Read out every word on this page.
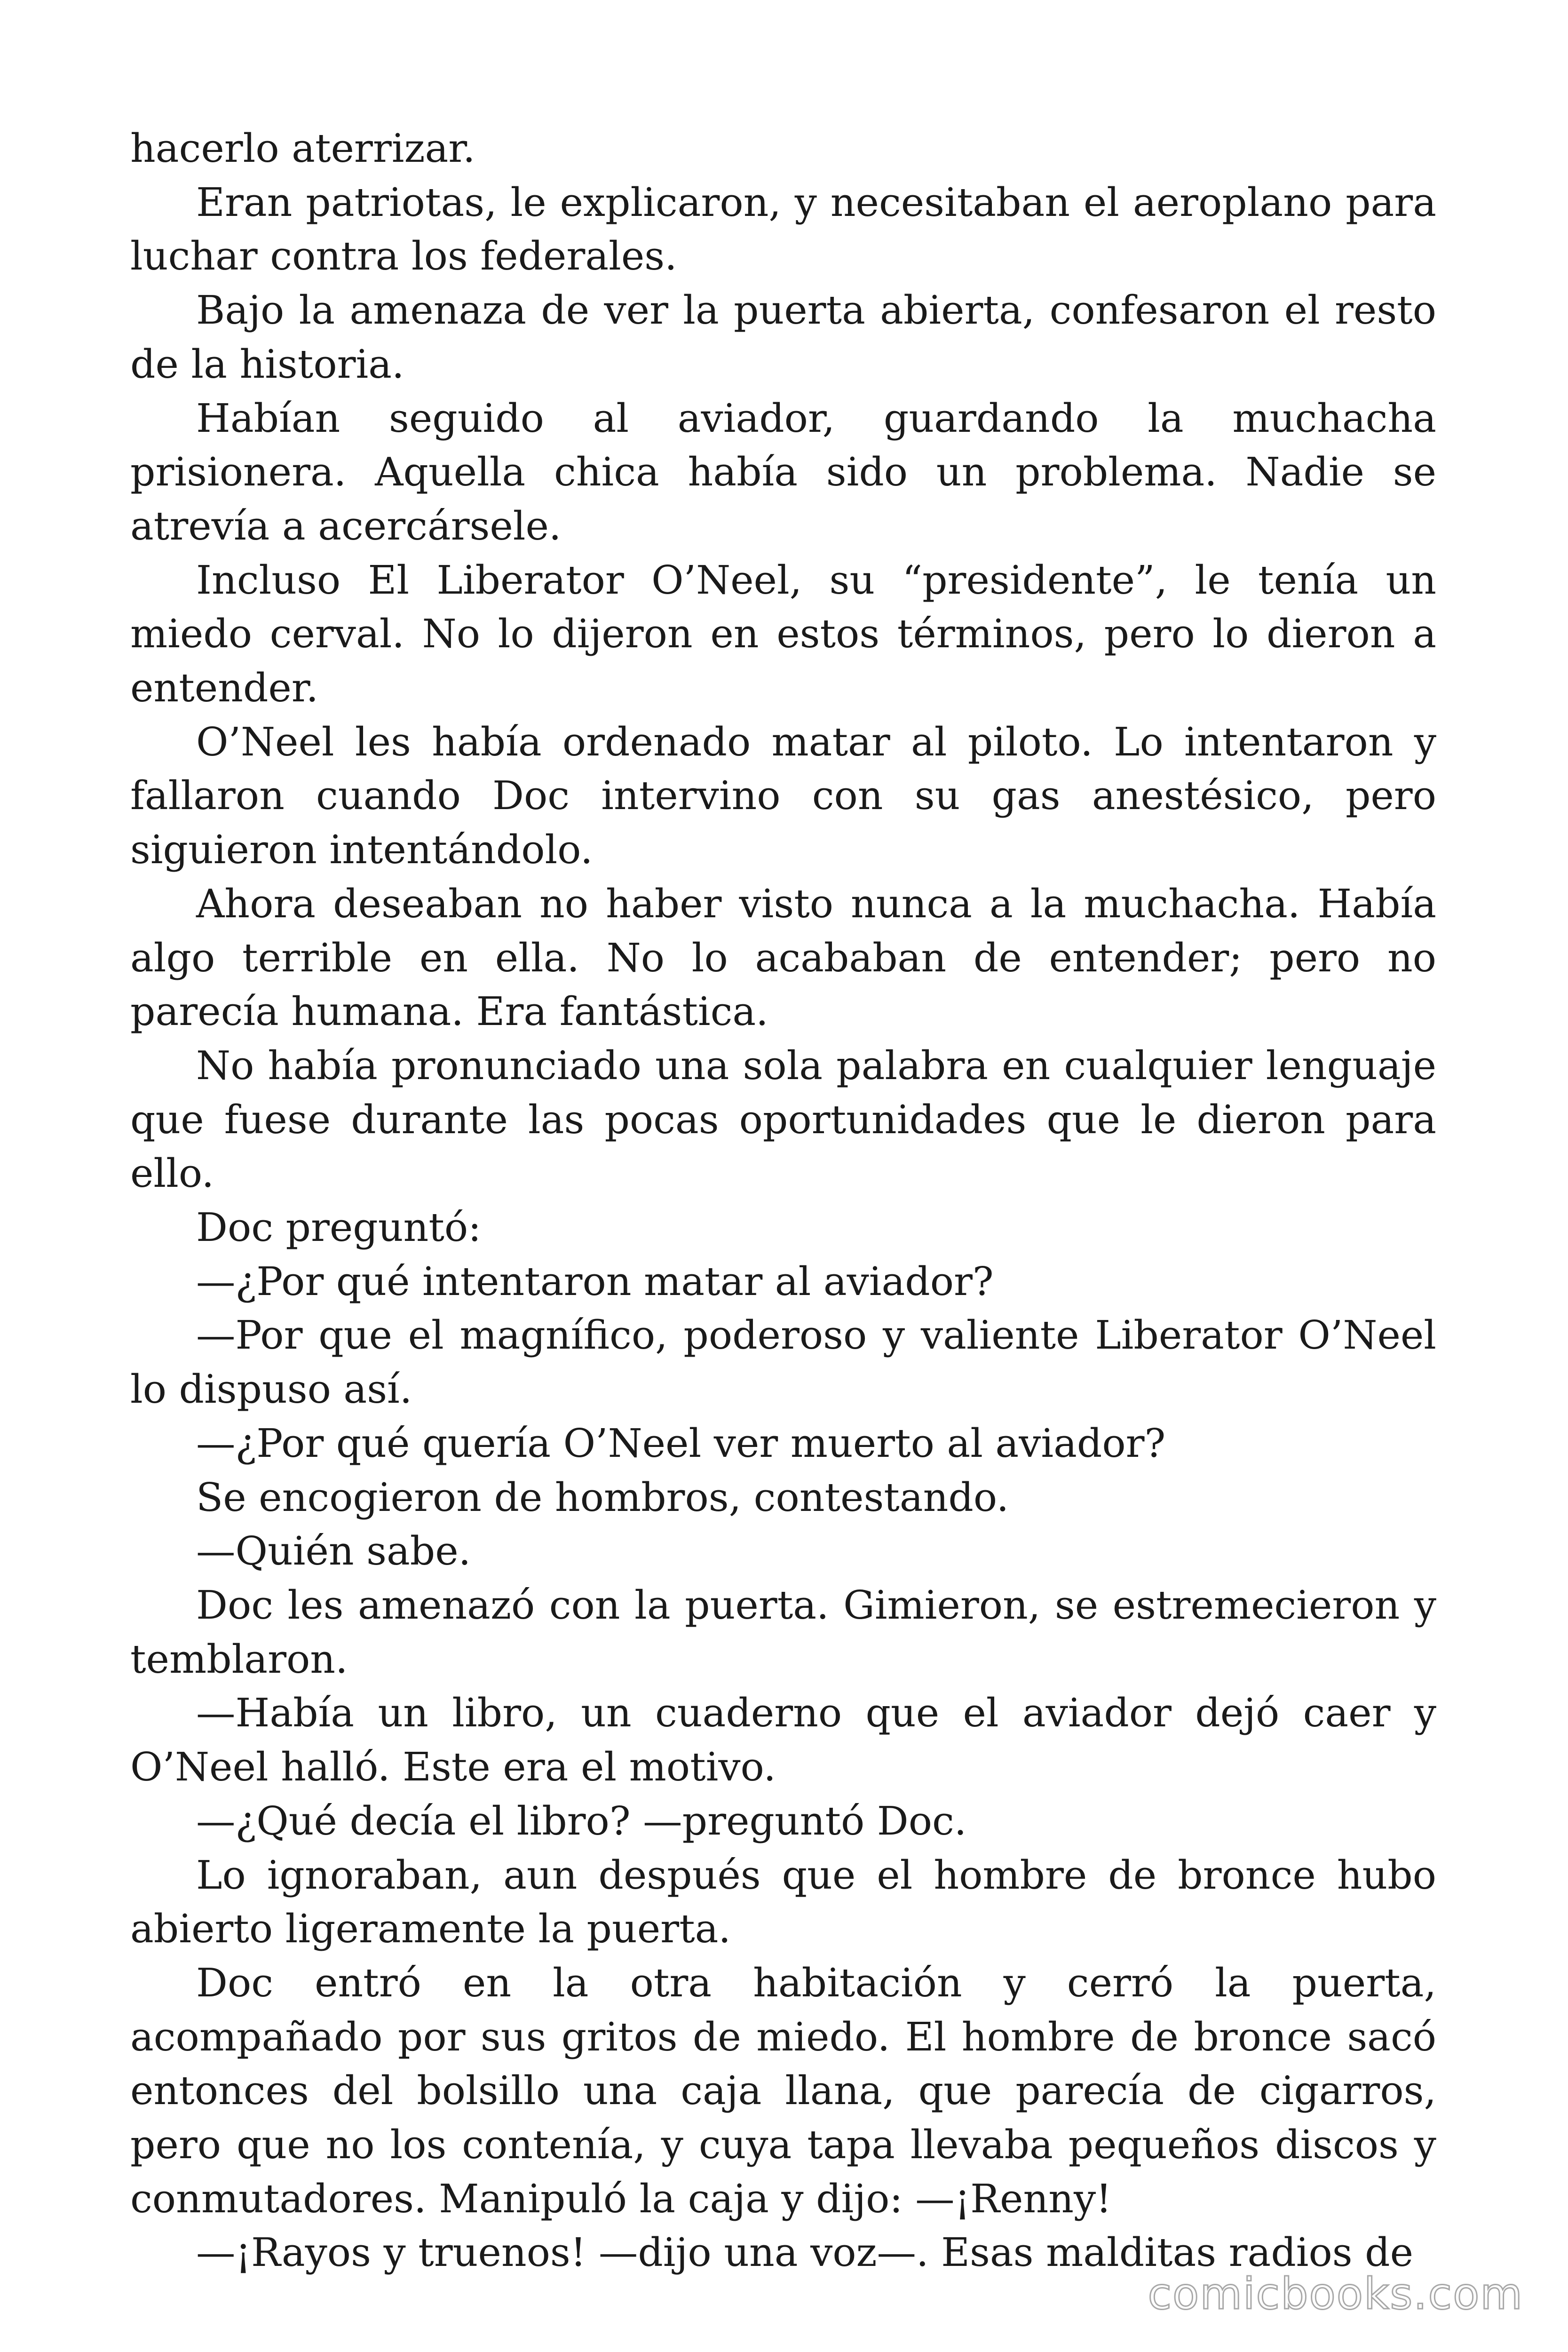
hacerlo aterrizar.

Eran patriotas, le explicaron, y necesitaban el aeroplano para luchar contra los federales.

Bajo la amenaza de ver la puerta abierta, confesaron el resto de la historia.

Habían seguido al aviador, guardando la muchacha prisionera. Aquella chica había sido un problema. Nadie se atrevía a acercársele.

Incluso El Liberator O’Neel, su “presidente”, le tenía un miedo cerval. No lo dijeron en estos términos, pero lo dieron a entender.

O’Neel les había ordenado matar al piloto. Lo intentaron y fallaron cuando Doc intervino con su gas anestésico, pero siguieron intentándolo.

Ahora deseaban no haber visto nunca a la muchacha. Había algo terrible en ella. No lo acababan de entender; pero no parecía humana. Era fantástica.

No había pronunciado una sola palabra en cualquier lenguaje que fuese durante las pocas oportunidades que le dieron para ello.

Doc preguntó:

—¿Por qué intentaron matar al aviador?

—Por que el magnífico, poderoso y valiente Liberator O’Neel lo dispuso así.

—¿Por qué quería O’Neel ver muerto al aviador?

Se encogieron de hombros, contestando.

—Quién sabe.

Doc les amenazó con la puerta. Gimieron, se estremecieron y temblaron.

—Había un libro, un cuaderno que el aviador dejó caer y O’Neel halló. Este era el motivo.

—¿Qué decía el libro? —preguntó Doc.

Lo ignoraban, aun después que el hombre de bronce hubo abierto ligeramente la puerta.

Doc entró en la otra habitación y cerró la puerta, acompañado por sus gritos de miedo. El hombre de bronce sacó entonces del bolsillo una caja llana, que parecía de cigarros, pero que no los contenía, y cuya tapa llevaba pequeños discos y conmutadores. Manipuló la caja y dijo: —¡Renny!

—¡Rayos y truenos! —dijo una voz—. Esas malditas radios de

comicbooks.com
